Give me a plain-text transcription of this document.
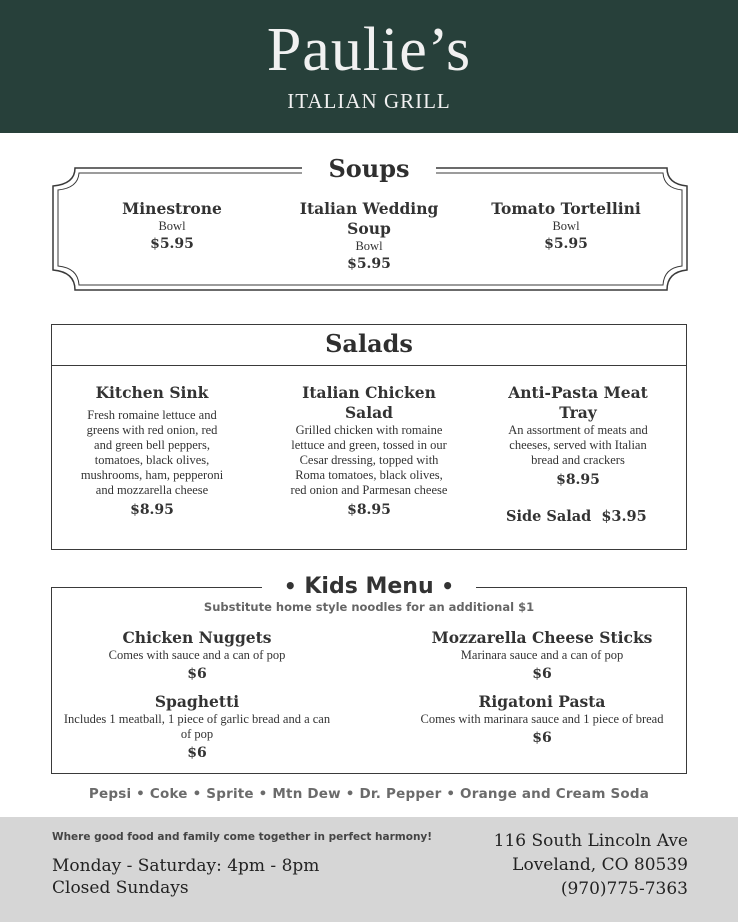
Paulie’s
ITALIAN GRILL
Soups
Minestrone
Bowl
$5.95
Italian Wedding Soup
Bowl
$5.95
Tomato Tortellini
Bowl
$5.95
Salads
Kitchen Sink
Fresh romaine lettuce and greens with red onion, red and green bell peppers, tomatoes, black olives, mushrooms, ham, pepperoni and mozzarella cheese
$8.95
Italian Chicken Salad
Grilled chicken with romaine lettuce and green, tossed in our Cesar dressing, topped with Roma tomatoes, black olives, red onion and Parmesan cheese
$8.95
Anti-Pasta Meat Tray
An assortment of meats and cheeses, served with Italian bread and crackers
$8.95
Side Salad $3.95
• Kids Menu •
Substitute home style noodles for an additional $1
Chicken Nuggets
Comes with sauce and a can of pop
$6
Mozzarella Cheese Sticks
Marinara sauce and a can of pop
$6
Spaghetti
Includes 1 meatball, 1 piece of garlic bread and a can of pop
$6
Rigatoni Pasta
Comes with marinara sauce and 1 piece of bread
$6
Pepsi • Coke • Sprite • Mtn Dew • Dr. Pepper • Orange and Cream Soda
Where good food and family come together in perfect harmony!
Monday - Saturday: 4pm - 8pm
Closed Sundays
116 South Lincoln Ave
Loveland, CO 80539
(970)775-7363
